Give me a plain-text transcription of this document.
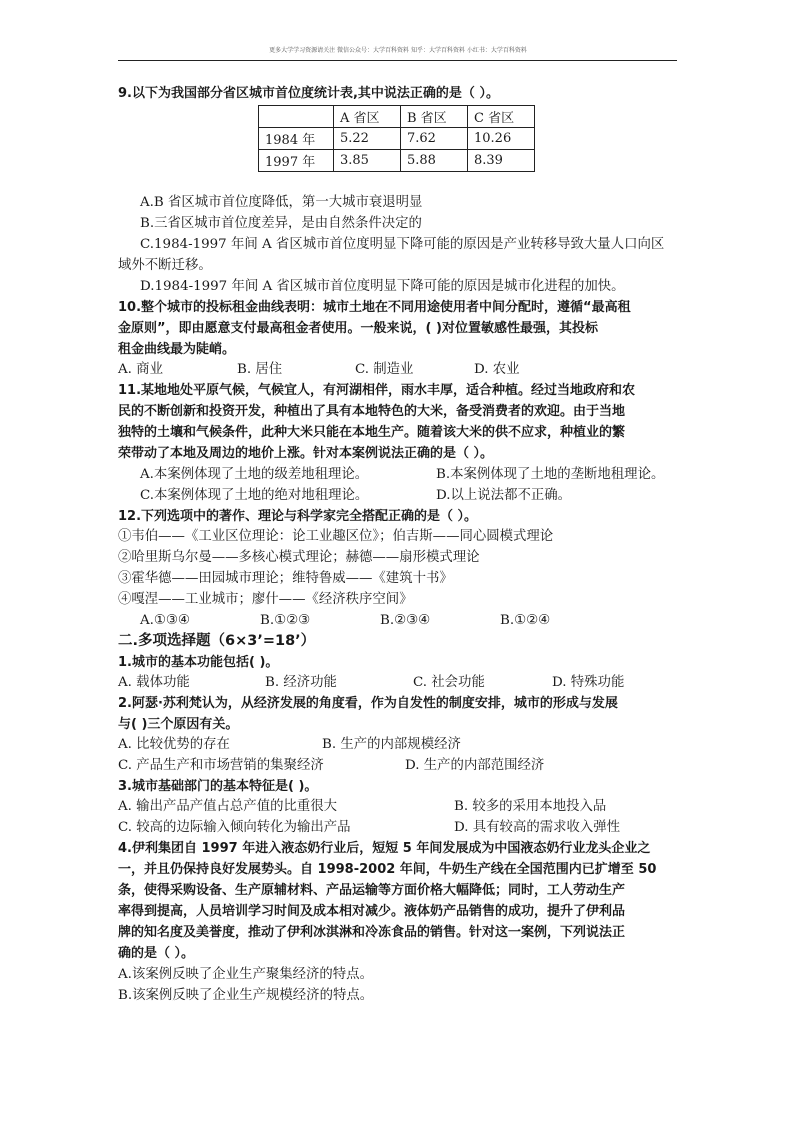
更多大学学习资源请关注 微信公众号：大学百科资料 知乎：大学百科资料 小红书：大学百科资料
9.以下为我国部分省区城市首位度统计表,其中说法正确的是（ ）。
	A 省区	B 省区	C 省区
1984 年	5.22	7.62	10.26
1997 年	3.85	5.88	8.39
A.B 省区城市首位度降低，第一大城市衰退明显
B.三省区城市首位度差异，是由自然条件决定的
C.1984-1997 年间 A 省区城市首位度明显下降可能的原因是产业转移导致大量人口向区
域外不断迁移。
D.1984-1997 年间 A 省区城市首位度明显下降可能的原因是城市化进程的加快。
10.整个城市的投标租金曲线表明：城市土地在不同用途使用者中间分配时，遵循“最高租
金原则”，即由愿意支付最高租金者使用。一般来说，( )对位置敏感性最强，其投标
租金曲线最为陡峭。
A. 商业	B. 居住	C. 制造业	D. 农业
11.某地地处平原气候，气候宜人，有河湖相伴，雨水丰厚，适合种植。经过当地政府和农
民的不断创新和投资开发，种植出了具有本地特色的大米，备受消费者的欢迎。由于当地
独特的土壤和气候条件，此种大米只能在本地生产。随着该大米的供不应求，种植业的繁
荣带动了本地及周边的地价上涨。针对本案例说法正确的是（ ）。
A.本案例体现了土地的级差地租理论。	B.本案例体现了土地的垄断地租理论。
C.本案例体现了土地的绝对地租理论。	D.以上说法都不正确。
12.下列选项中的著作、理论与科学家完全搭配正确的是（ ）。
①韦伯——《工业区位理论：论工业趣区位》；伯吉斯——同心圆模式理论
②哈里斯乌尔曼——多核心模式理论；赫德——扇形模式理论
③霍华德——田园城市理论；维特鲁威——《建筑十书》
④嘎涅——工业城市；廖什——《经济秩序空间》
A.①③④	B.①②③	B.②③④	B.①②④
二.多项选择题（6×3’=18’）
1.城市的基本功能包括( )。
A. 载体功能	B. 经济功能	C. 社会功能	D. 特殊功能
2.阿瑟·苏利梵认为，从经济发展的角度看，作为自发性的制度安排，城市的形成与发展
与( )三个原因有关。
A. 比较优势的存在	B. 生产的内部规模经济
C. 产品生产和市场营销的集聚经济	D. 生产的内部范围经济
3.城市基础部门的基本特征是( )。
A. 输出产品产值占总产值的比重很大	B. 较多的采用本地投入品
C. 较高的边际输入倾向转化为输出产品	D. 具有较高的需求收入弹性
4.伊利集团自 1997 年进入液态奶行业后，短短 5 年间发展成为中国液态奶行业龙头企业之
一，并且仍保持良好发展势头。自 1998-2002 年间，牛奶生产线在全国范围内已扩增至 50
条，使得采购设备、生产原辅材料、产品运输等方面价格大幅降低；同时，工人劳动生产
率得到提高，人员培训学习时间及成本相对减少。液体奶产品销售的成功，提升了伊利品
牌的知名度及美誉度，推动了伊利冰淇淋和冷冻食品的销售。针对这一案例，下列说法正
确的是（ ）。
A.该案例反映了企业生产聚集经济的特点。
B.该案例反映了企业生产规模经济的特点。
